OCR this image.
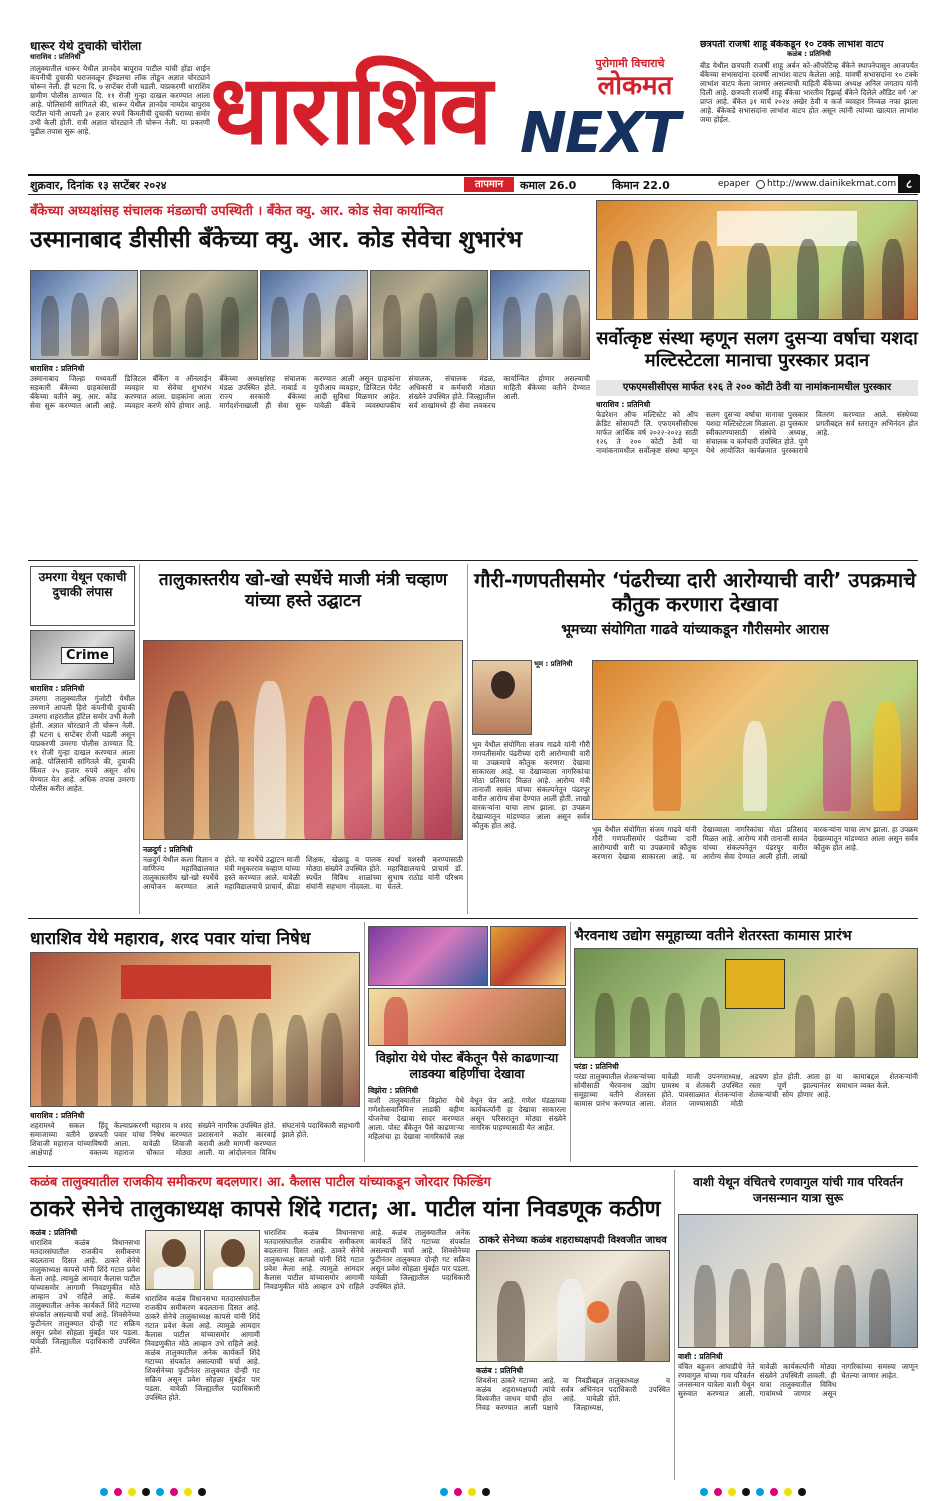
धारूर येथे दुचाकी चोरीला
धाराशिव : प्रतिनिधी
तालुक्यातील धारूर येथील ज्ञानदेव बापूराव पाटील यांची होंडा शाईन कंपनीची दुचाकी घराजवळून हॅण्डलचा लॉक तोडून अज्ञात चोरट्याने चोरून नेली. ही घटना दि. ७ सप्टेंबर रोजी घडली. याप्रकरणी धाराशिव ग्रामीण पोलीस ठाण्यात दि. ११ रोजी गुन्हा दाखल करण्यात आला आहे. पोलिसांनी सांगितले की, धारूर येथील ज्ञानदेव नामदेव बापुराव पाटील यांनी आपली ३० हजार रुपये किमतीची दुचाकी घराच्या समोर उभी केली होती. रात्री अज्ञात चोरट्याने ती चोरून नेली. या प्रकरणी पुढील तपास सुरू आहे.	धाराशिव	पुरोगामी विचाराचे
लोकमत
NEXT
छत्रपती राजर्षी शाहू बँकेकडून १० टक्के लाभांश वाटप
कळंब : प्रतिनिधी
बीड येथील छत्रपती राजर्षी शाहू अर्बन को-ऑपरेटिव्ह बँकेने स्थापनेपासून आजपर्यंत बँकेच्या सभासदांना दरवर्षी लाभांश वाटप केलेला आहे. यावर्षी सभासदांना १० टक्के लाभांश वाटप केला जाणार असल्याची माहिती बँकेच्या अध्यक्ष अनिल जगताप यांनी दिली आहे. छत्रपती राजर्षी शाहू बँकेचा भारतीय रिझर्व्ह बँकेने दिलेले ऑडिट वर्ग 'अ' प्राप्त आहे. बँकेत ३१ मार्च २०२४ अखेर ठेवी व कर्ज व्यवहार निव्वळ नफा झाला आहे. बँकेकडे सभासदांना लाभांश वाटप होत असून त्यांनी त्यांच्या खात्यात लाभांश जमा होईल.
शुक्रवार, दिनांक १३ सप्टेंबर २०२४	तापमान	कमाल 26.0	किमान 22.0	epaper	http://www.dainikekmat.com ८
बँकेच्या अध्यक्षांसह संचालक मंडळाची उपस्थिती । बँकेत क्यु. आर. कोड सेवा कार्यान्वित
उस्मानाबाद डीसीसी बँकेच्या क्यु. आर. कोड सेवेचा शुभारंभ
धाराशिव : प्रतिनिधी
उस्मानाबाद जिल्हा मध्यवर्ती सहकारी बँकेच्या ग्राहकांसाठी बँकेच्या वतीने क्यु. आर. कोड सेवा सुरू करण्यात आली आहे. डिजिटल बँकिंग व ऑनलाईन व्यवहार या सेवेचा शुभारंभ करण्यात आला. ग्राहकांना आता व्यवहार करणे सोपे होणार आहे. बँकेच्या अध्यक्षांसह संचालक मंडळ उपस्थित होते. नाबार्ड व राज्य सरकारी बँकेच्या मार्गदर्शनाखाली ही सेवा सुरू करण्यात आली असून ग्राहकांना युपीआय व्यवहार, डिजिटल पेमेंट आदी सुविधा मिळणार आहेत. यावेळी बँकेचे व्यवस्थापकीय संचालक, संचालक मंडळ, अधिकारी व कर्मचारी मोठ्या संख्येने उपस्थित होते. जिल्ह्यातील सर्व शाखांमध्ये ही सेवा लवकरच कार्यान्वित होणार असल्याची माहिती बँकेच्या वतीने देण्यात आली.
सर्वोत्कृष्ट संस्था म्हणून सलग दुसऱ्या वर्षाचा यशदा मल्टिस्टेटला मानाचा पुरस्कार प्रदान
एफएमसीसीएस मार्फत १२६ ते २०० कोटी ठेवी या नामांकनामधील पुरस्कार
धाराशिव : प्रतिनिधी
फेडरेशन ऑफ मल्टिस्टेट को ऑप क्रेडिट सोसायटी लि. एफएमसीसीएस मार्फत आर्थिक वर्ष २०२२-२०२३ साठी १२६ ते २०० कोटी ठेवी या नामांकनामधील सर्वोत्कृष्ट संस्था म्हणून सलग दुसऱ्या वर्षाचा मानाचा पुरस्कार यशदा मल्टिस्टेटला मिळाला. हा पुरस्कार स्वीकारण्यासाठी संस्थेचे अध्यक्ष, संचालक व कर्मचारी उपस्थित होते. पुणे येथे आयोजित कार्यक्रमात पुरस्काराचे वितरण करण्यात आले. संस्थेच्या प्रगतीबद्दल सर्व स्तरातून अभिनंदन होत आहे.
उमरगा येथून एकाची दुचाकी लंपास
Crime
धाराशिव : प्रतिनिधी
उमरगा तालुक्यातील गुंजोटी येथील तरुणाने आपली हिरो कंपनीची दुचाकी उमरगा शहरातील हॉटेल समोर उभी केली होती. अज्ञात चोरट्याने ती चोरून नेली. ही घटना ६ सप्टेंबर रोजी घडली असून याप्रकरणी उमरगा पोलीस ठाण्यात दि. ११ रोजी गुन्हा दाखल करण्यात आला आहे. पोलिसांनी सांगितले की, दुचाकी किंमत २५ हजार रुपये असून शोध घेण्यात येत आहे. अधिक तपास उमरगा पोलीस करीत आहेत.
तालुकास्तरीय खो-खो स्पर्धेचे माजी मंत्री चव्हाण यांच्या हस्ते उद्घाटन
नळदुर्ग : प्रतिनिधी
नळदुर्ग येथील कला विज्ञान व वाणिज्य महाविद्यालयात तालुकास्तरीय खो-खो स्पर्धेचे आयोजन करण्यात आले होते. या स्पर्धेचे उद्घाटन माजी मंत्री मधुकरराव चव्हाण यांच्या हस्ते करण्यात आले. यावेळी महाविद्यालयाचे प्राचार्य, क्रीडा शिक्षक, खेळाडू व पालक मोठ्या संख्येने उपस्थित होते. स्पर्धेत विविध शाळांच्या संघांनी सहभाग नोंदवला. या स्पर्धा यशस्वी करण्यासाठी महाविद्यालयाचे प्राचार्य डॉ. सुभाष राठोड यांनी परिश्रम घेतले.
गौरी-गणपतीसमोर ‘पंढरीच्या दारी आरोग्याची वारी’ उपक्रमाचे कौतुक करणारा देखावा
भूमच्या संयोगिता गाढवे यांच्याकडून गौरीसमोर आरास
भूम : प्रतिनिधी
भूम येथील संयोगिता संजय गाढवे यांनी गौरी गणपतीसमोर पंढरीच्या दारी आरोग्याची वारी या उपक्रमाचे कौतुक करणारा देखावा साकारला आहे. या देखाव्याला नागरिकांचा मोठा प्रतिसाद मिळत आहे. आरोग्य मंत्री तानाजी सावंत यांच्या संकल्पनेतून पंढरपूर वारीत आरोग्य सेवा देण्यात आली होती. लाखो वारकऱ्यांना याचा लाभ झाला. हा उपक्रम देखाव्यातून मांडण्यात आला असून सर्वत्र कौतुक होत आहे.	भूम येथील संयोगिता संजय गाढवे यांनी गौरी गणपतीसमोर पंढरीच्या दारी आरोग्याची वारी या उपक्रमाचे कौतुक करणारा देखावा साकारला आहे. या देखाव्याला नागरिकांचा मोठा प्रतिसाद मिळत आहे. आरोग्य मंत्री तानाजी सावंत यांच्या संकल्पनेतून पंढरपूर वारीत आरोग्य सेवा देण्यात आली होती. लाखो वारकऱ्यांना याचा लाभ झाला. हा उपक्रम देखाव्यातून मांडण्यात आला असून सर्वत्र कौतुक होत आहे.
धाराशिव येथे महाराव, शरद पवार यांचा निषेध
धाराशिव : प्रतिनिधी
शहरामध्ये सकल हिंदू समाजाच्या वतीने छत्रपती शिवाजी महाराज यांच्याविषयी आक्षेपार्ह वक्तव्य केल्याप्रकरणी महाराव व शरद पवार यांचा निषेध करण्यात आला. यावेळी शिवाजी महाराज चौकात मोठ्या संख्येने नागरिक उपस्थित होते. प्रशासनाने कठोर कारवाई करावी अशी मागणी करण्यात आली. या आंदोलनात विविध संघटनांचे पदाधिकारी सहभागी झाले होते.
विझोरा येथे पोस्ट बँकेतून पैसे काढणाऱ्या लाडक्या बहिणींचा देखावा
विझोरा : प्रतिनिधी
वाशी तालुक्यातील विझोरा येथे गणेशोत्सवानिमित्त लाडकी बहीण योजनेचा देखावा सादर करण्यात आला. पोस्ट बँकेतून पैसे काढणाऱ्या महिलांचा हा देखावा नागरिकांचे लक्ष वेधून घेत आहे. गणेश मंडळाच्या कार्यकर्त्यांनी हा देखावा साकारला असून परिसरातून मोठ्या संख्येने नागरिक पाहण्यासाठी येत आहेत.
भैरवनाथ उद्योग समूहाच्या वतीने शेतरस्ता कामास प्रारंभ
परंडा : प्रतिनिधी
परंडा तालुक्यातील शेतकऱ्यांच्या सोयीसाठी भैरवनाथ उद्योग समूहाच्या वतीने शेतरस्ता कामास प्रारंभ करण्यात आला. यावेळी माजी उपनगराध्यक्ष, ग्रामस्थ व शेतकरी उपस्थित होते. पावसाळ्यात शेतकऱ्यांना शेतात जाण्यासाठी मोठी अडचण होत होती. आता हा रस्ता पूर्ण झाल्यानंतर शेतकऱ्यांची सोय होणार आहे. या कामाबद्दल शेतकऱ्यांनी समाधान व्यक्त केले.
कळंब तालुक्यातील राजकीय समीकरण बदलणार। आ. कैलास पाटील यांच्याकडून जोरदार फिल्डिंग
ठाकरे सेनेचे तालुकाध्यक्ष कापसे शिंदे गटात; आ. पाटील यांना निवडणूक कठीण
कळंब : प्रतिनिधी
धाराशिव कळंब विधानसभा मतदारसंघातील राजकीय समीकरण बदलताना दिसत आहे. ठाकरे सेनेचे तालुकाध्यक्ष कापसे यांनी शिंदे गटात प्रवेश केला आहे. त्यामुळे आमदार कैलास पाटील यांच्यासमोर आगामी निवडणुकीत मोठे आव्हान उभे राहिले आहे. कळंब तालुक्यातील अनेक कार्यकर्ते शिंदे गटाच्या संपर्कात असल्याची चर्चा आहे. शिवसेनेच्या फुटीनंतर तालुक्यात दोन्ही गट सक्रिय असून प्रवेश सोहळा मुंबईत पार पडला. यावेळी जिल्ह्यातील पदाधिकारी उपस्थित होते.
धाराशिव कळंब विधानसभा मतदारसंघातील राजकीय समीकरण बदलताना दिसत आहे. ठाकरे सेनेचे तालुकाध्यक्ष कापसे यांनी शिंदे गटात प्रवेश केला आहे. त्यामुळे आमदार कैलास पाटील यांच्यासमोर आगामी निवडणुकीत मोठे आव्हान उभे राहिले आहे. कळंब तालुक्यातील अनेक कार्यकर्ते शिंदे गटाच्या संपर्कात असल्याची चर्चा आहे. शिवसेनेच्या फुटीनंतर तालुक्यात दोन्ही गट सक्रिय असून प्रवेश सोहळा मुंबईत पार पडला. यावेळी जिल्ह्यातील पदाधिकारी उपस्थित होते.
धाराशिव कळंब विधानसभा मतदारसंघातील राजकीय समीकरण बदलताना दिसत आहे. ठाकरे सेनेचे तालुकाध्यक्ष कापसे यांनी शिंदे गटात प्रवेश केला आहे. त्यामुळे आमदार कैलास पाटील यांच्यासमोर आगामी निवडणुकीत मोठे आव्हान उभे राहिले आहे. कळंब तालुक्यातील अनेक कार्यकर्ते शिंदे गटाच्या संपर्कात असल्याची चर्चा आहे. शिवसेनेच्या फुटीनंतर तालुक्यात दोन्ही गट सक्रिय असून प्रवेश सोहळा मुंबईत पार पडला. यावेळी जिल्ह्यातील पदाधिकारी उपस्थित होते.
ठाकरे सेनेच्या कळंब शहराध्यक्षपदी विश्वजीत जाधव
कळंब : प्रतिनिधी
शिवसेना ठाकरे गटाच्या कळंब शहराध्यक्षपदी विश्वजीत जाधव यांची निवड करण्यात आली आहे. या निवडीबद्दल त्यांचे सर्वत्र अभिनंदन होत आहे. यावेळी पक्षाचे जिल्हाध्यक्ष, तालुकाध्यक्ष व पदाधिकारी उपस्थित होते.
वाशी येथून वंचितचे रणवागुल यांची गाव परिवर्तन जनसन्मान यात्रा सुरू
वाशी : प्रतिनिधी
वंचित बहुजन आघाडीचे नेते रणवागुल यांच्या गाव परिवर्तन जनसन्मान यात्रेला वाशी येथून सुरुवात करण्यात आली. यावेळी कार्यकर्त्यांनी मोठ्या संख्येने उपस्थिती लावली. ही यात्रा तालुक्यातील विविध गावांमध्ये जाणार असून नागरिकांच्या समस्या जाणून घेतल्या जाणार आहेत.
